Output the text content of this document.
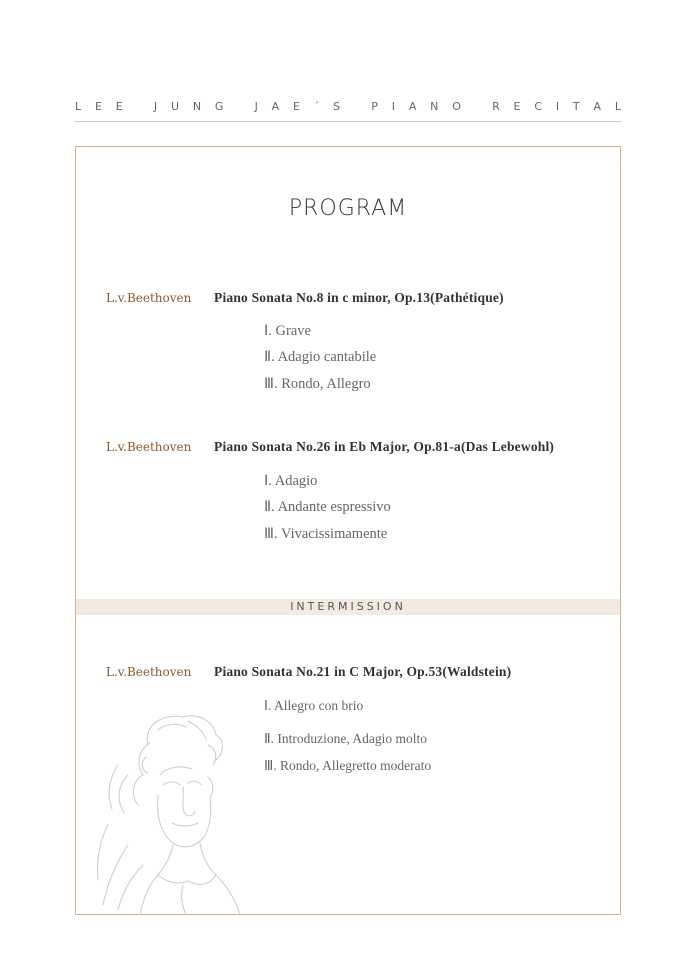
L E E
	J U N G
	J A E ´ S
	P I A N O
	R E C I T A L
PROGRAM
L.v.Beethoven Piano Sonata No.8 in c minor, Op.13(Pathétique)
Ⅰ. Grave
Ⅱ. Adagio cantabile
Ⅲ. Rondo, Allegro
L.v.Beethoven Piano Sonata No.26 in Eb Major, Op.81-a(Das Lebewohl)
Ⅰ. Adagio
Ⅱ. Andante espressivo
Ⅲ. Vivacissimamente
INTERMISSION
L.v.Beethoven Piano Sonata No.21 in C Major, Op.53(Waldstein)
Ⅰ. Allegro con brio
Ⅱ. Introduzione, Adagio molto
Ⅲ. Rondo, Allegretto moderato
